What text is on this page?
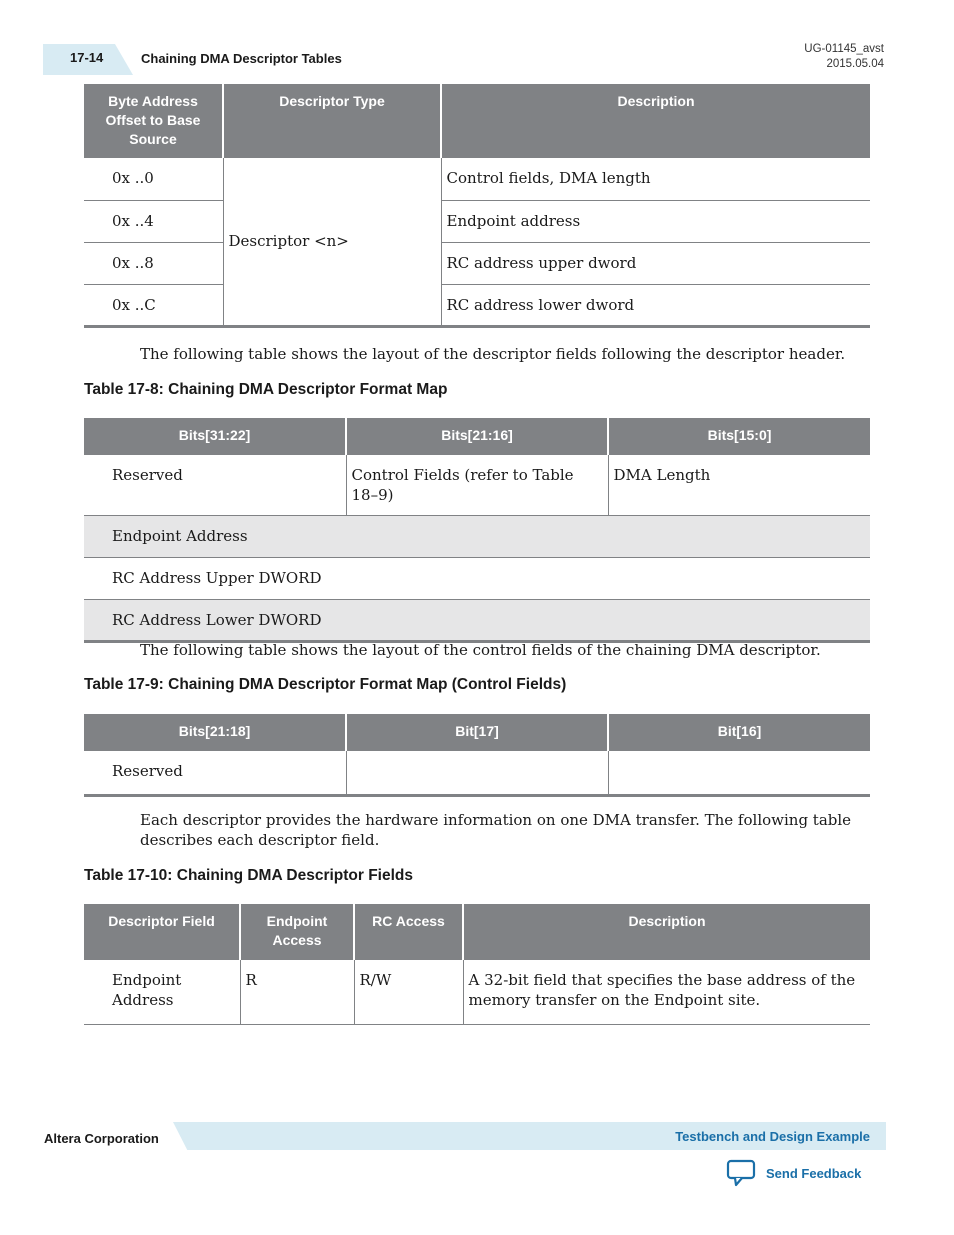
17-14	Chaining DMA Descriptor Tables
UG-01145_avst
2015.05.04
Byte Address Offset to Base Source	Descriptor Type	Description
0x ..0	Descriptor <n>	Control fields, DMA length
0x ..4		Endpoint address
0x ..8		RC address upper dword
0x ..C		RC address lower dword
The following table shows the layout of the descriptor fields following the descriptor header.
Table 17-8: Chaining DMA Descriptor Format Map
Bits[31:22]	Bits[21:16]	Bits[15:0]
Reserved	Control Fields (refer to Table 18–9)	DMA Length
Endpoint Address		
RC Address Upper DWORD		
RC Address Lower DWORD		
The following table shows the layout of the control fields of the chaining DMA descriptor.
Table 17-9: Chaining DMA Descriptor Format Map (Control Fields)
Bits[21:18]	Bit[17]	Bit[16]
Reserved		
Each descriptor provides the hardware information on one DMA transfer. The following table describes each descriptor field.
Table 17-10: Chaining DMA Descriptor Fields
Descriptor Field	Endpoint Access	RC Access	Description
Endpoint Address	R	R/W	A 32-bit field that specifies the base address of the memory transfer on the Endpoint site.
Altera Corporation	Testbench and Design Example
Send Feedback
